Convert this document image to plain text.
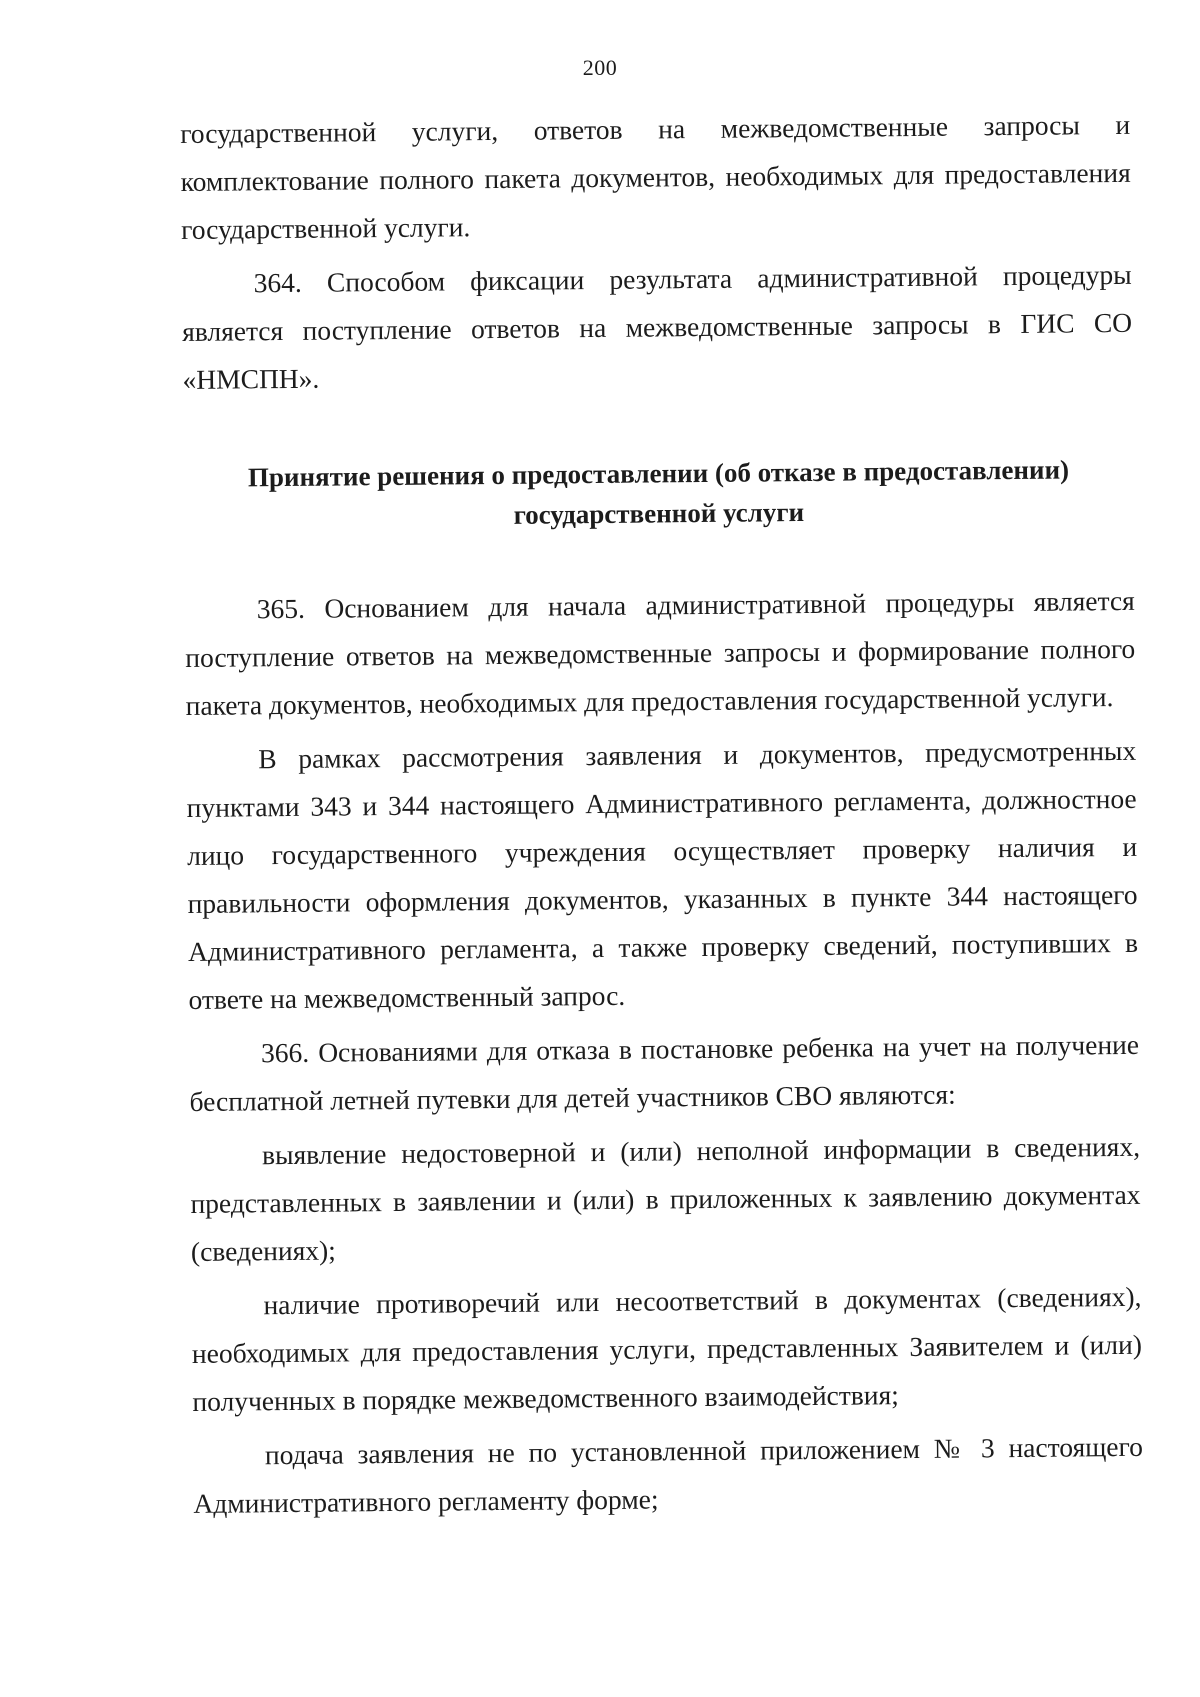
200

государственной услуги, ответов на межведомственные запросы и комплектование полного пакета документов, необходимых для предоставления государственной услуги.

364. Способом фиксации результата административной процедуры является поступление ответов на межведомственные запросы в ГИС СО «НМСПН».

Принятие решения о предоставлении (об отказе в предоставлении)
государственной услуги

365. Основанием для начала административной процедуры является поступление ответов на межведомственные запросы и формирование полного пакета документов, необходимых для предоставления государственной услуги.

В рамках рассмотрения заявления и документов, предусмотренных пунктами 343 и 344 настоящего Административного регламента, должностное лицо государственного учреждения осуществляет проверку наличия и правильности оформления документов, указанных в пункте 344 настоящего Административного регламента, а также проверку сведений, поступивших в ответе на межведомственный запрос.

366. Основаниями для отказа в постановке ребенка на учет на получение бесплатной летней путевки для детей участников СВО являются:

выявление недостоверной и (или) неполной информации в сведениях, представленных в заявлении и (или) в приложенных к заявлению документах (сведениях);

наличие противоречий или несоответствий в документах (сведениях), необходимых для предоставления услуги, представленных Заявителем и (или) полученных в порядке межведомственного взаимодействия;

подача заявления не по установленной приложением № 3 настоящего Административного регламенту форме;
